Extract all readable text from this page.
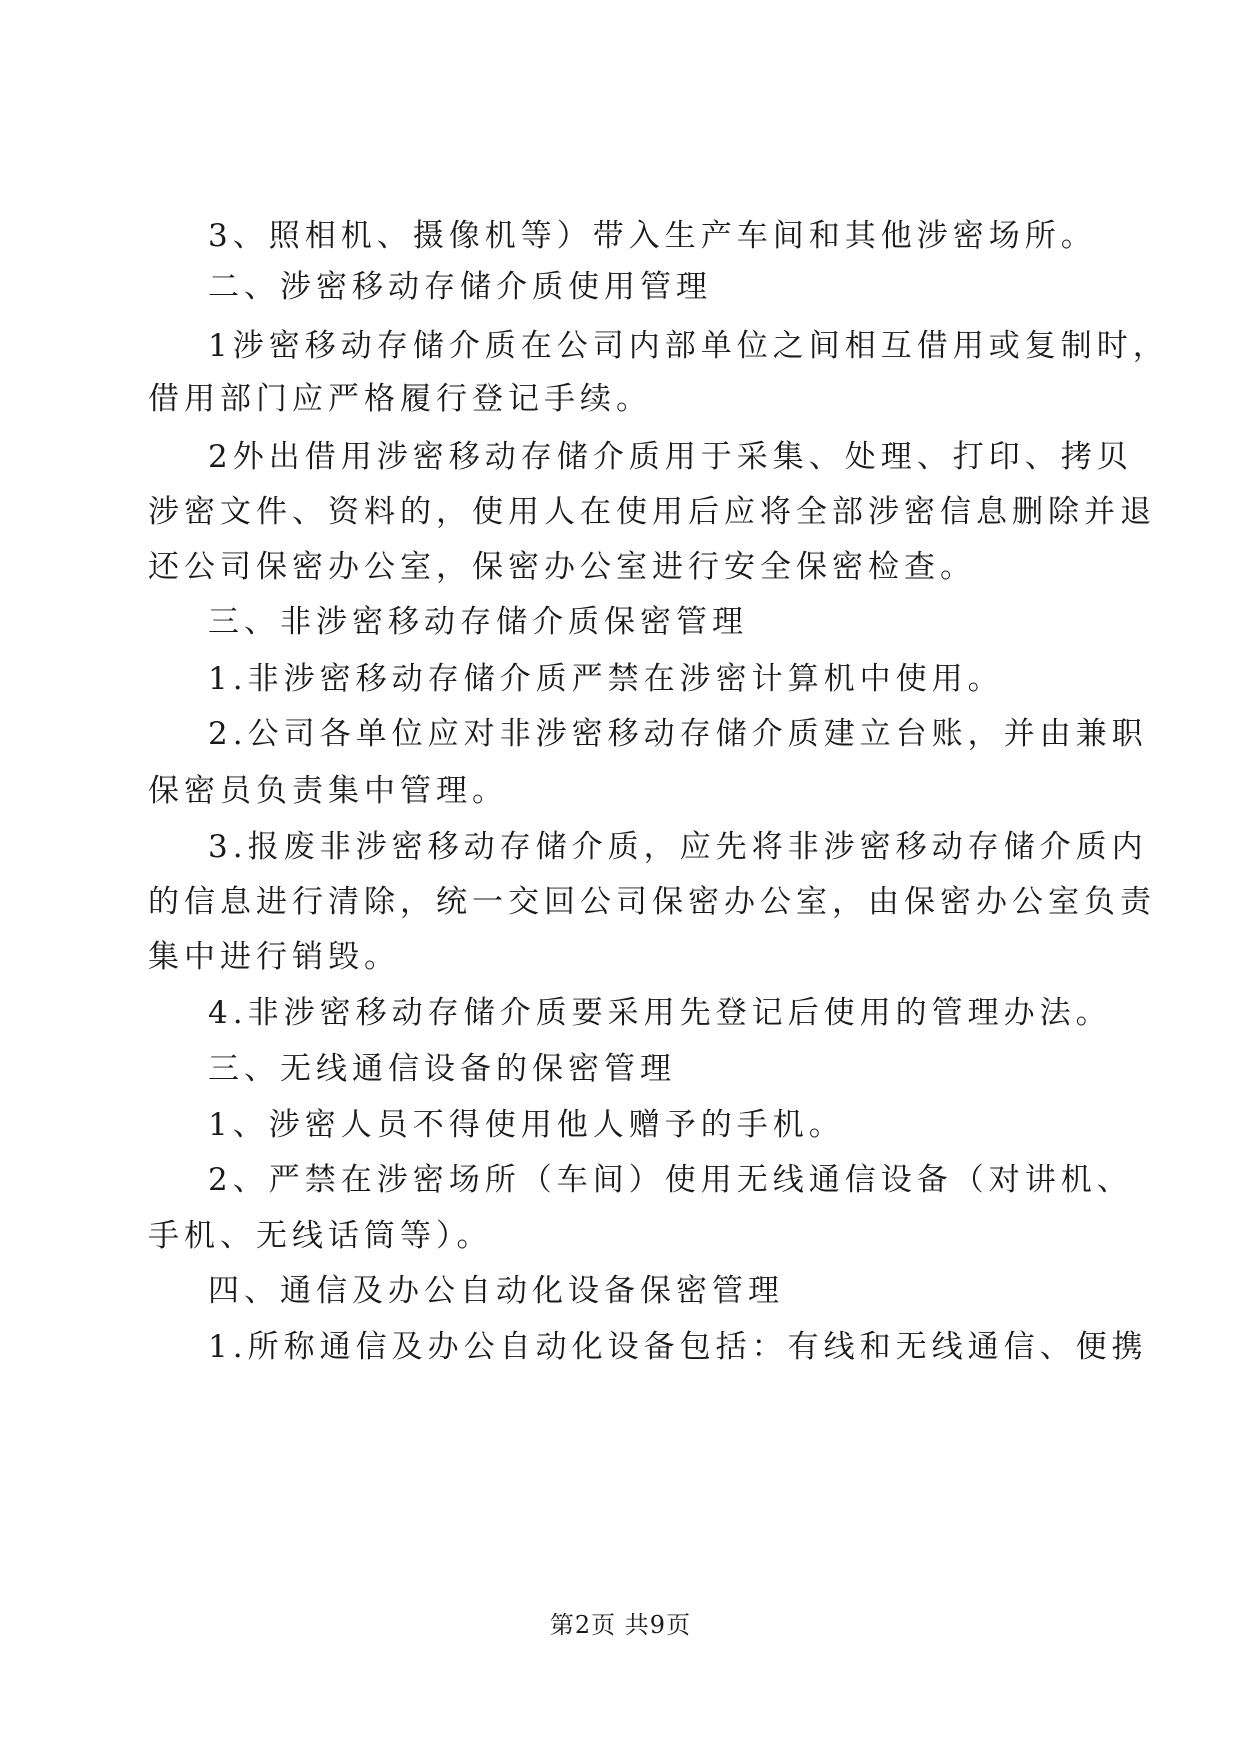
3、照相机、摄像机等）带入生产车间和其他涉密场所。
二、涉密移动存储介质使用管理
1涉密移动存储介质在公司内部单位之间相互借用或复制时，
借用部门应严格履行登记手续。
2外出借用涉密移动存储介质用于采集、处理、打印、拷贝
涉密文件、资料的，使用人在使用后应将全部涉密信息删除并退
还公司保密办公室，保密办公室进行安全保密检查。
三、非涉密移动存储介质保密管理
1.非涉密移动存储介质严禁在涉密计算机中使用。
2.公司各单位应对非涉密移动存储介质建立台账，并由兼职
保密员负责集中管理。
3.报废非涉密移动存储介质，应先将非涉密移动存储介质内
的信息进行清除，统一交回公司保密办公室，由保密办公室负责
集中进行销毁。
4.非涉密移动存储介质要采用先登记后使用的管理办法。
三、无线通信设备的保密管理
1、涉密人员不得使用他人赠予的手机。
2、严禁在涉密场所（车间）使用无线通信设备（对讲机、
手机、无线话筒等）。
四、通信及办公自动化设备保密管理
1.所称通信及办公自动化设备包括：有线和无线通信、便携
第2页 共9页
